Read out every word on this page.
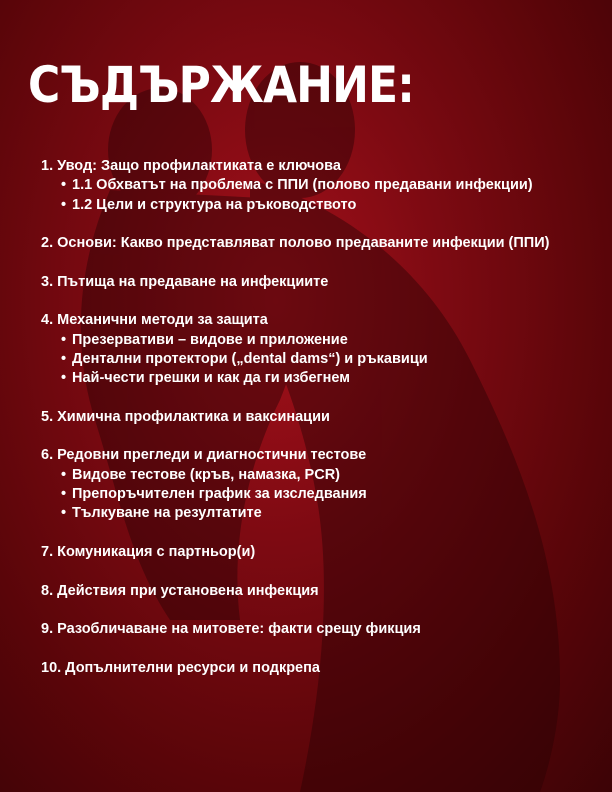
СЪДЪРЖАНИЕ:
1. Увод: Защо профилактиката е ключова
• 1.1 Обхватът на проблема с ППИ (полово предавани инфекции)
• 1.2 Цели и структура на ръководството
2. Основи: Какво представляват полово предаваните инфекции (ППИ)
3. Пътища на предаване на инфекциите
4. Механични методи за защита
• Презервативи – видове и приложение
• Дентални протектори („dental dams“) и ръкавици
• Най-чести грешки и как да ги избегнем
5. Химична профилактика и ваксинации
6. Редовни прегледи и диагностични тестове
• Видове тестове (кръв, намазка, PCR)
• Препоръчителен график за изследвания
• Тълкуване на резултатите
7. Комуникация с партньор(и)
8. Действия при установена инфекция
9. Разобличаване на митовете: факти срещу фикция
10. Допълнителни ресурси и подкрепа
